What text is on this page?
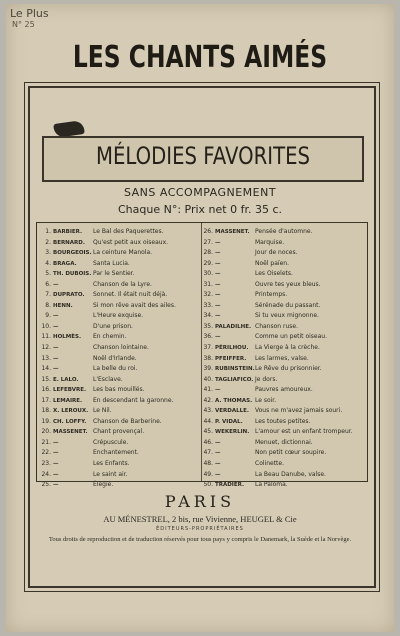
Le Plus
N° 25
LES CHANTS AIMÉS
MÉLODIES FAVORITES
SANS ACCOMPAGNEMENT
Chaque N°: Prix net 0 fr. 35 c.
1. BARBIER. Le Bal des Paquerettes.
2. BERNARD. Qu'est petit aux oiseaux.
3. BOURGEOIS.La ceinture Manola.
4. BRAGA.	Santa Lucia.
5. TH. DUBOIS. Par le Sentier.
6. —	Chanson de la Lyre.
7. DUPRATO. Sonnet. Il était nuit déjà.
8. HENN.	Si mon rêve avait des ailes.
9. —	L'Heure exquise.
10. —	D'une prison.
11. HOLMÈS. En chemin.
12. —	Chanson lointaine.
13. —	Noël d'Irlande.
14. —	La belle du roi.
15. E. LALO. L'Esclave.
16. LEFEBVRE. Les bas mouillés.
17. LEMAIRE. En descendant la garonne.
18. X. LEROUX. Le Nil.
19. CH. LOFFY. Chanson de Barberine.
20. MASSENET. Chant provençal.
21. —	Crépuscule.
22. —	Enchantement.
23. —	Les Enfants.
24. —	Le saint air.
25. —	Élégie.
26. MASSENET. Pensée d'automne.
27. —	Marquise.
28. —	Jour de noces.
29. —	Noël païen.
30. —	Les Oiselets.
31. —	Ouvre tes yeux bleus.
32. —	Printemps.
33. —	Sérénade du passant.
34. —	Si tu veux mignonne.
35. PALADILHE. Chanson ruse.
36. —	Comme un petit oiseau.
37. PÉRILHOU. La Vierge à la crèche.
38. PFEIFFER. Les larmes, valse.
39. RUBINSTEIN.Le Rêve du prisonnier.
40. TAGLIAFICO. Je dors.
41. —	Pauvres amoureux.
42. A. THOMAS. Le soir.
43. VERDALLE. Vous ne m'avez jamais souri.
44. P. VIDAL. Les toutes petites.
45. WEKERLIN. L'amour est un enfant trompeur.
46. —	Menuet, dictionnai.
47. —	Non petit cœur soupire.
48. —	Colinette.
49. —	La Beau Danube, valse.
50. TRADIER. La Paloma.
PARIS
AU MÉNESTREL, 2 bis, rue Vivienne, HEUGEL & Cie
ÉDITEURS-PROPRIÉTAIRES
Tous droits de reproduction et de traduction réservés pour tous pays y compris le Danemark, la Suède et la Norvège.
